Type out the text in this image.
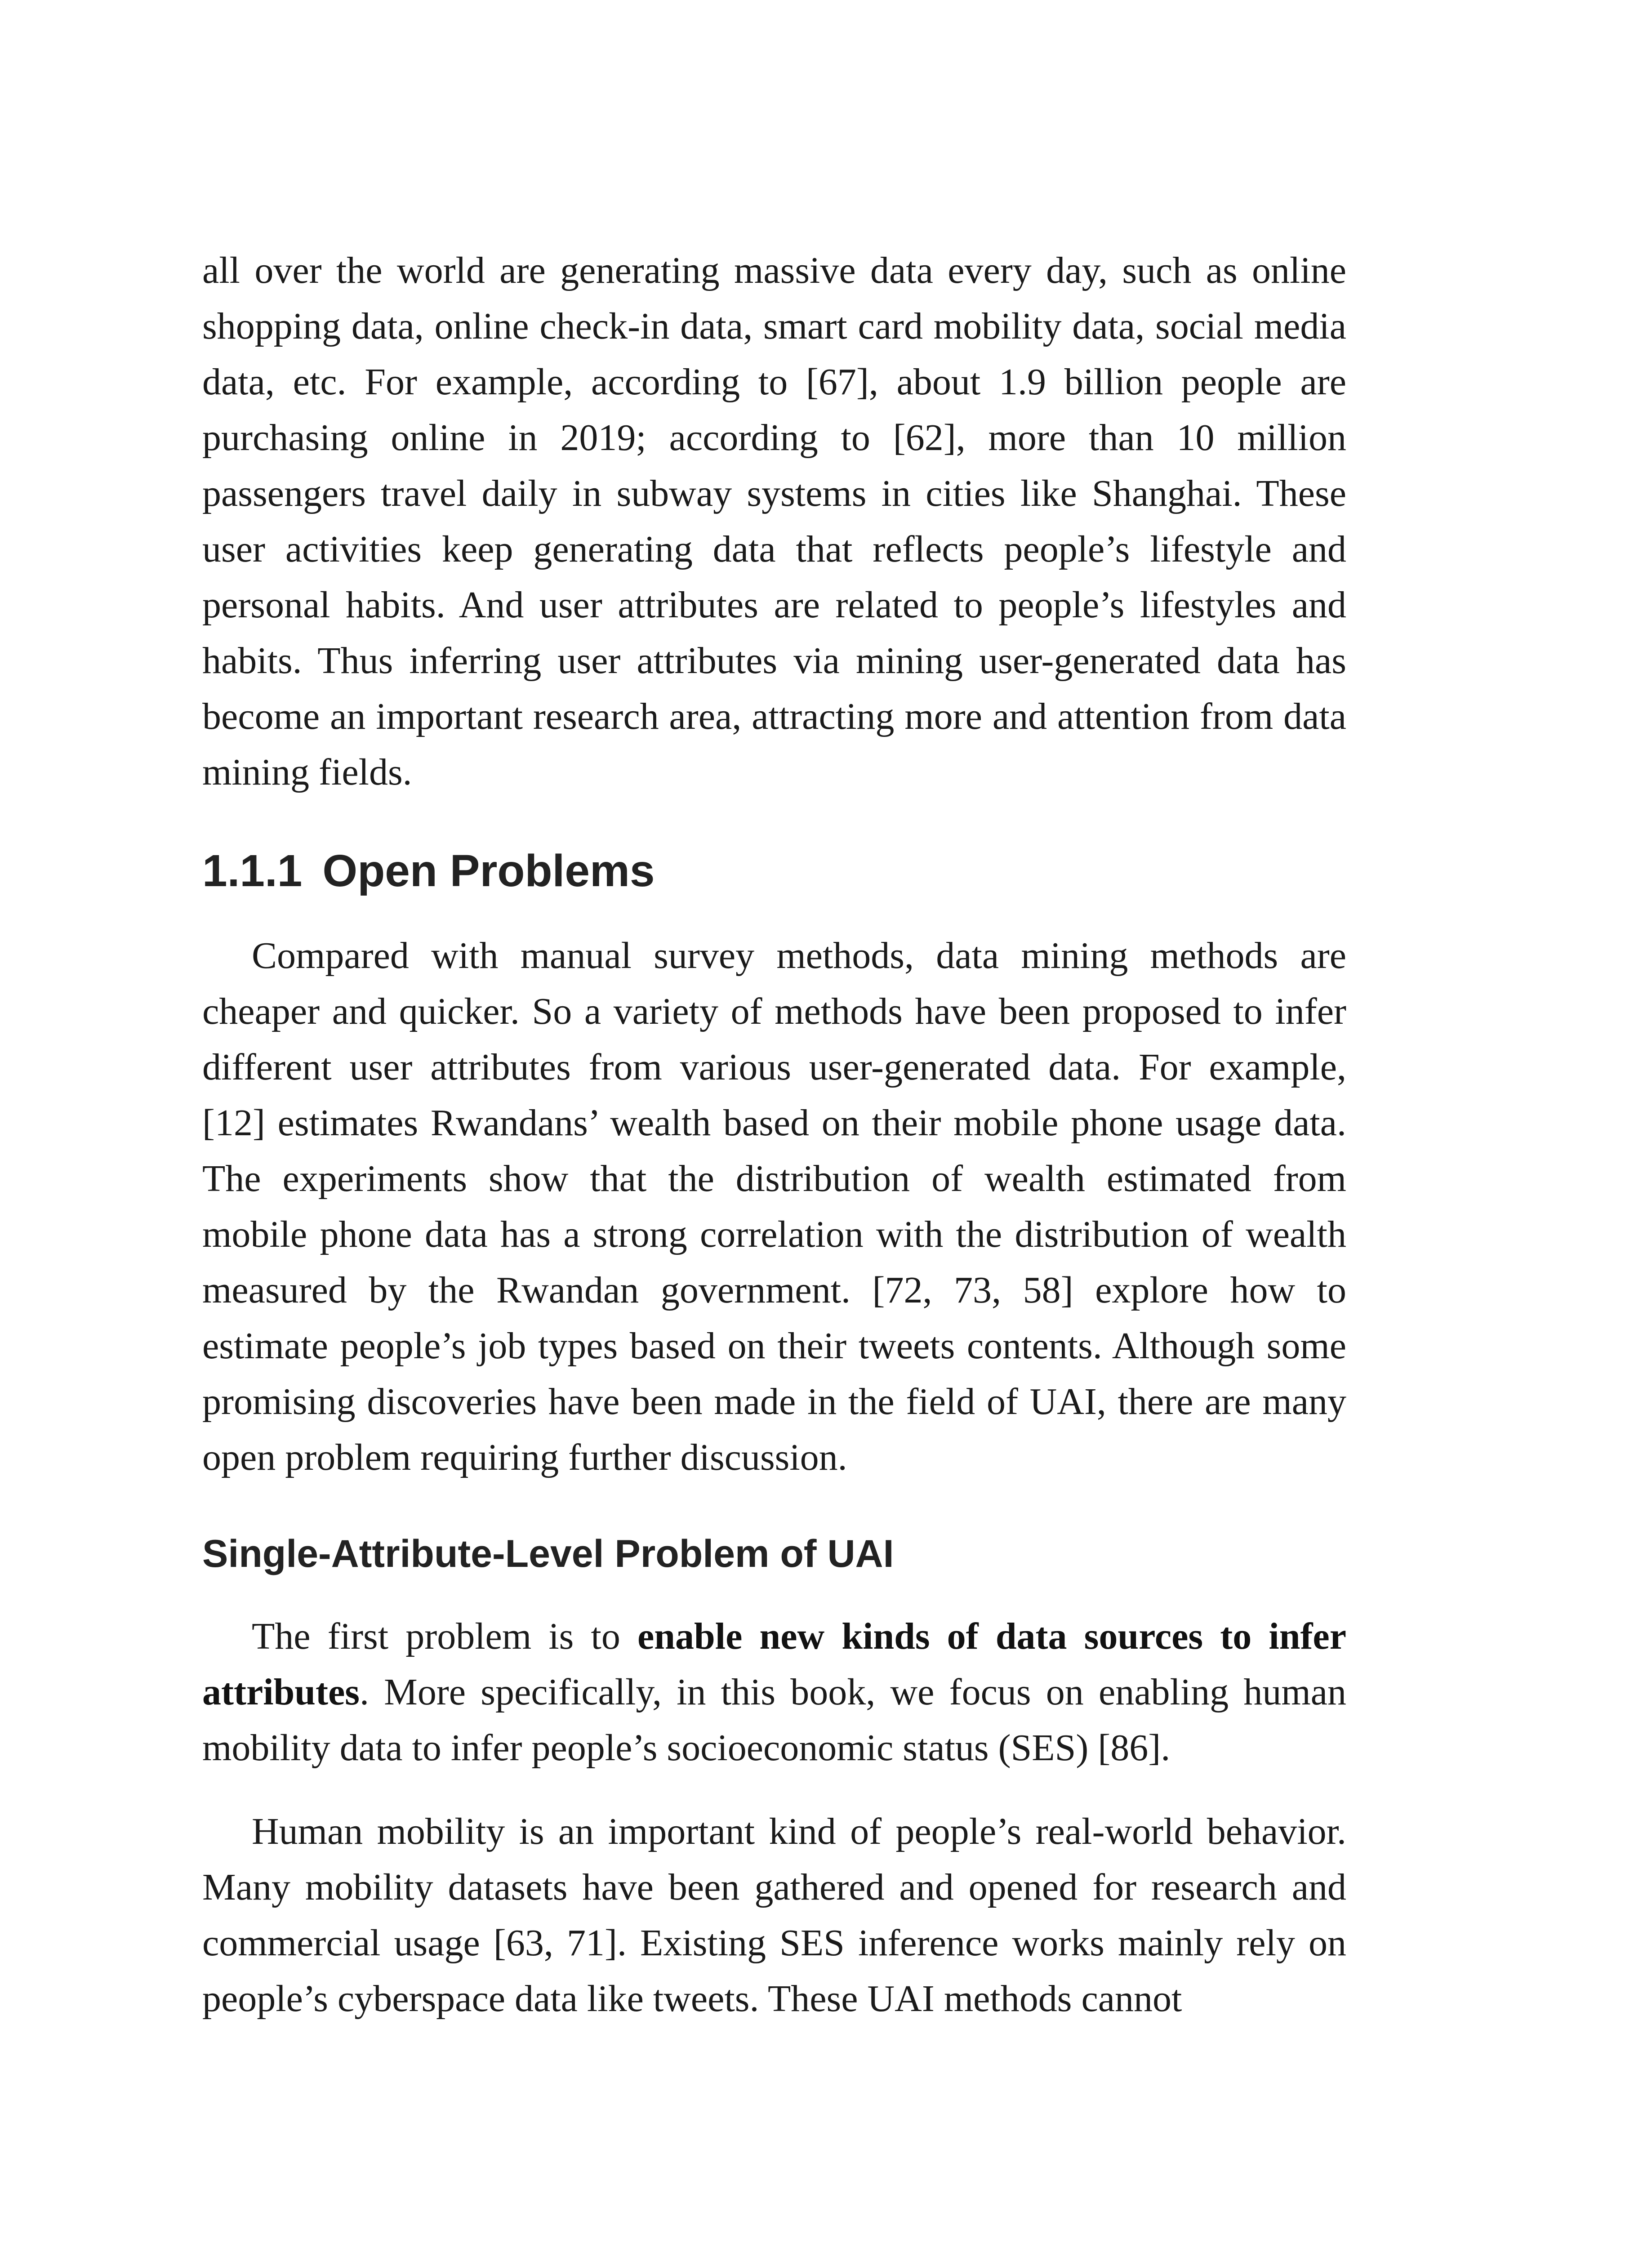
all over the world are generating massive data every day, such as online shopping data, online check-in data, smart card mobility data, social media data, etc. For example, according to [67], about 1.9 billion people are purchasing online in 2019; according to [62], more than 10 million passengers travel daily in subway systems in cities like Shanghai. These user activities keep generating data that reflects people’s lifestyle and personal habits. And user attributes are related to people’s lifestyles and habits. Thus inferring user attributes via mining user-generated data has become an important research area, attracting more and attention from data mining fields.

1.1.1 Open Problems

Compared with manual survey methods, data mining methods are cheaper and quicker. So a variety of methods have been proposed to infer different user attributes from various user-generated data. For example, [12] estimates Rwandans’ wealth based on their mobile phone usage data. The experiments show that the distribution of wealth estimated from mobile phone data has a strong correlation with the distribution of wealth measured by the Rwandan government. [72, 73, 58] explore how to estimate people’s job types based on their tweets contents. Although some promising discoveries have been made in the field of UAI, there are many open problem requiring further discussion.

Single-Attribute-Level Problem of UAI

The first problem is to enable new kinds of data sources to infer attributes. More specifically, in this book, we focus on enabling human mobility data to infer people’s socioeconomic status (SES) [86].

Human mobility is an important kind of people’s real-world behavior. Many mobility datasets have been gathered and opened for research and commercial usage [63, 71]. Existing SES inference works mainly rely on people’s cyberspace data like tweets. These UAI methods cannot
